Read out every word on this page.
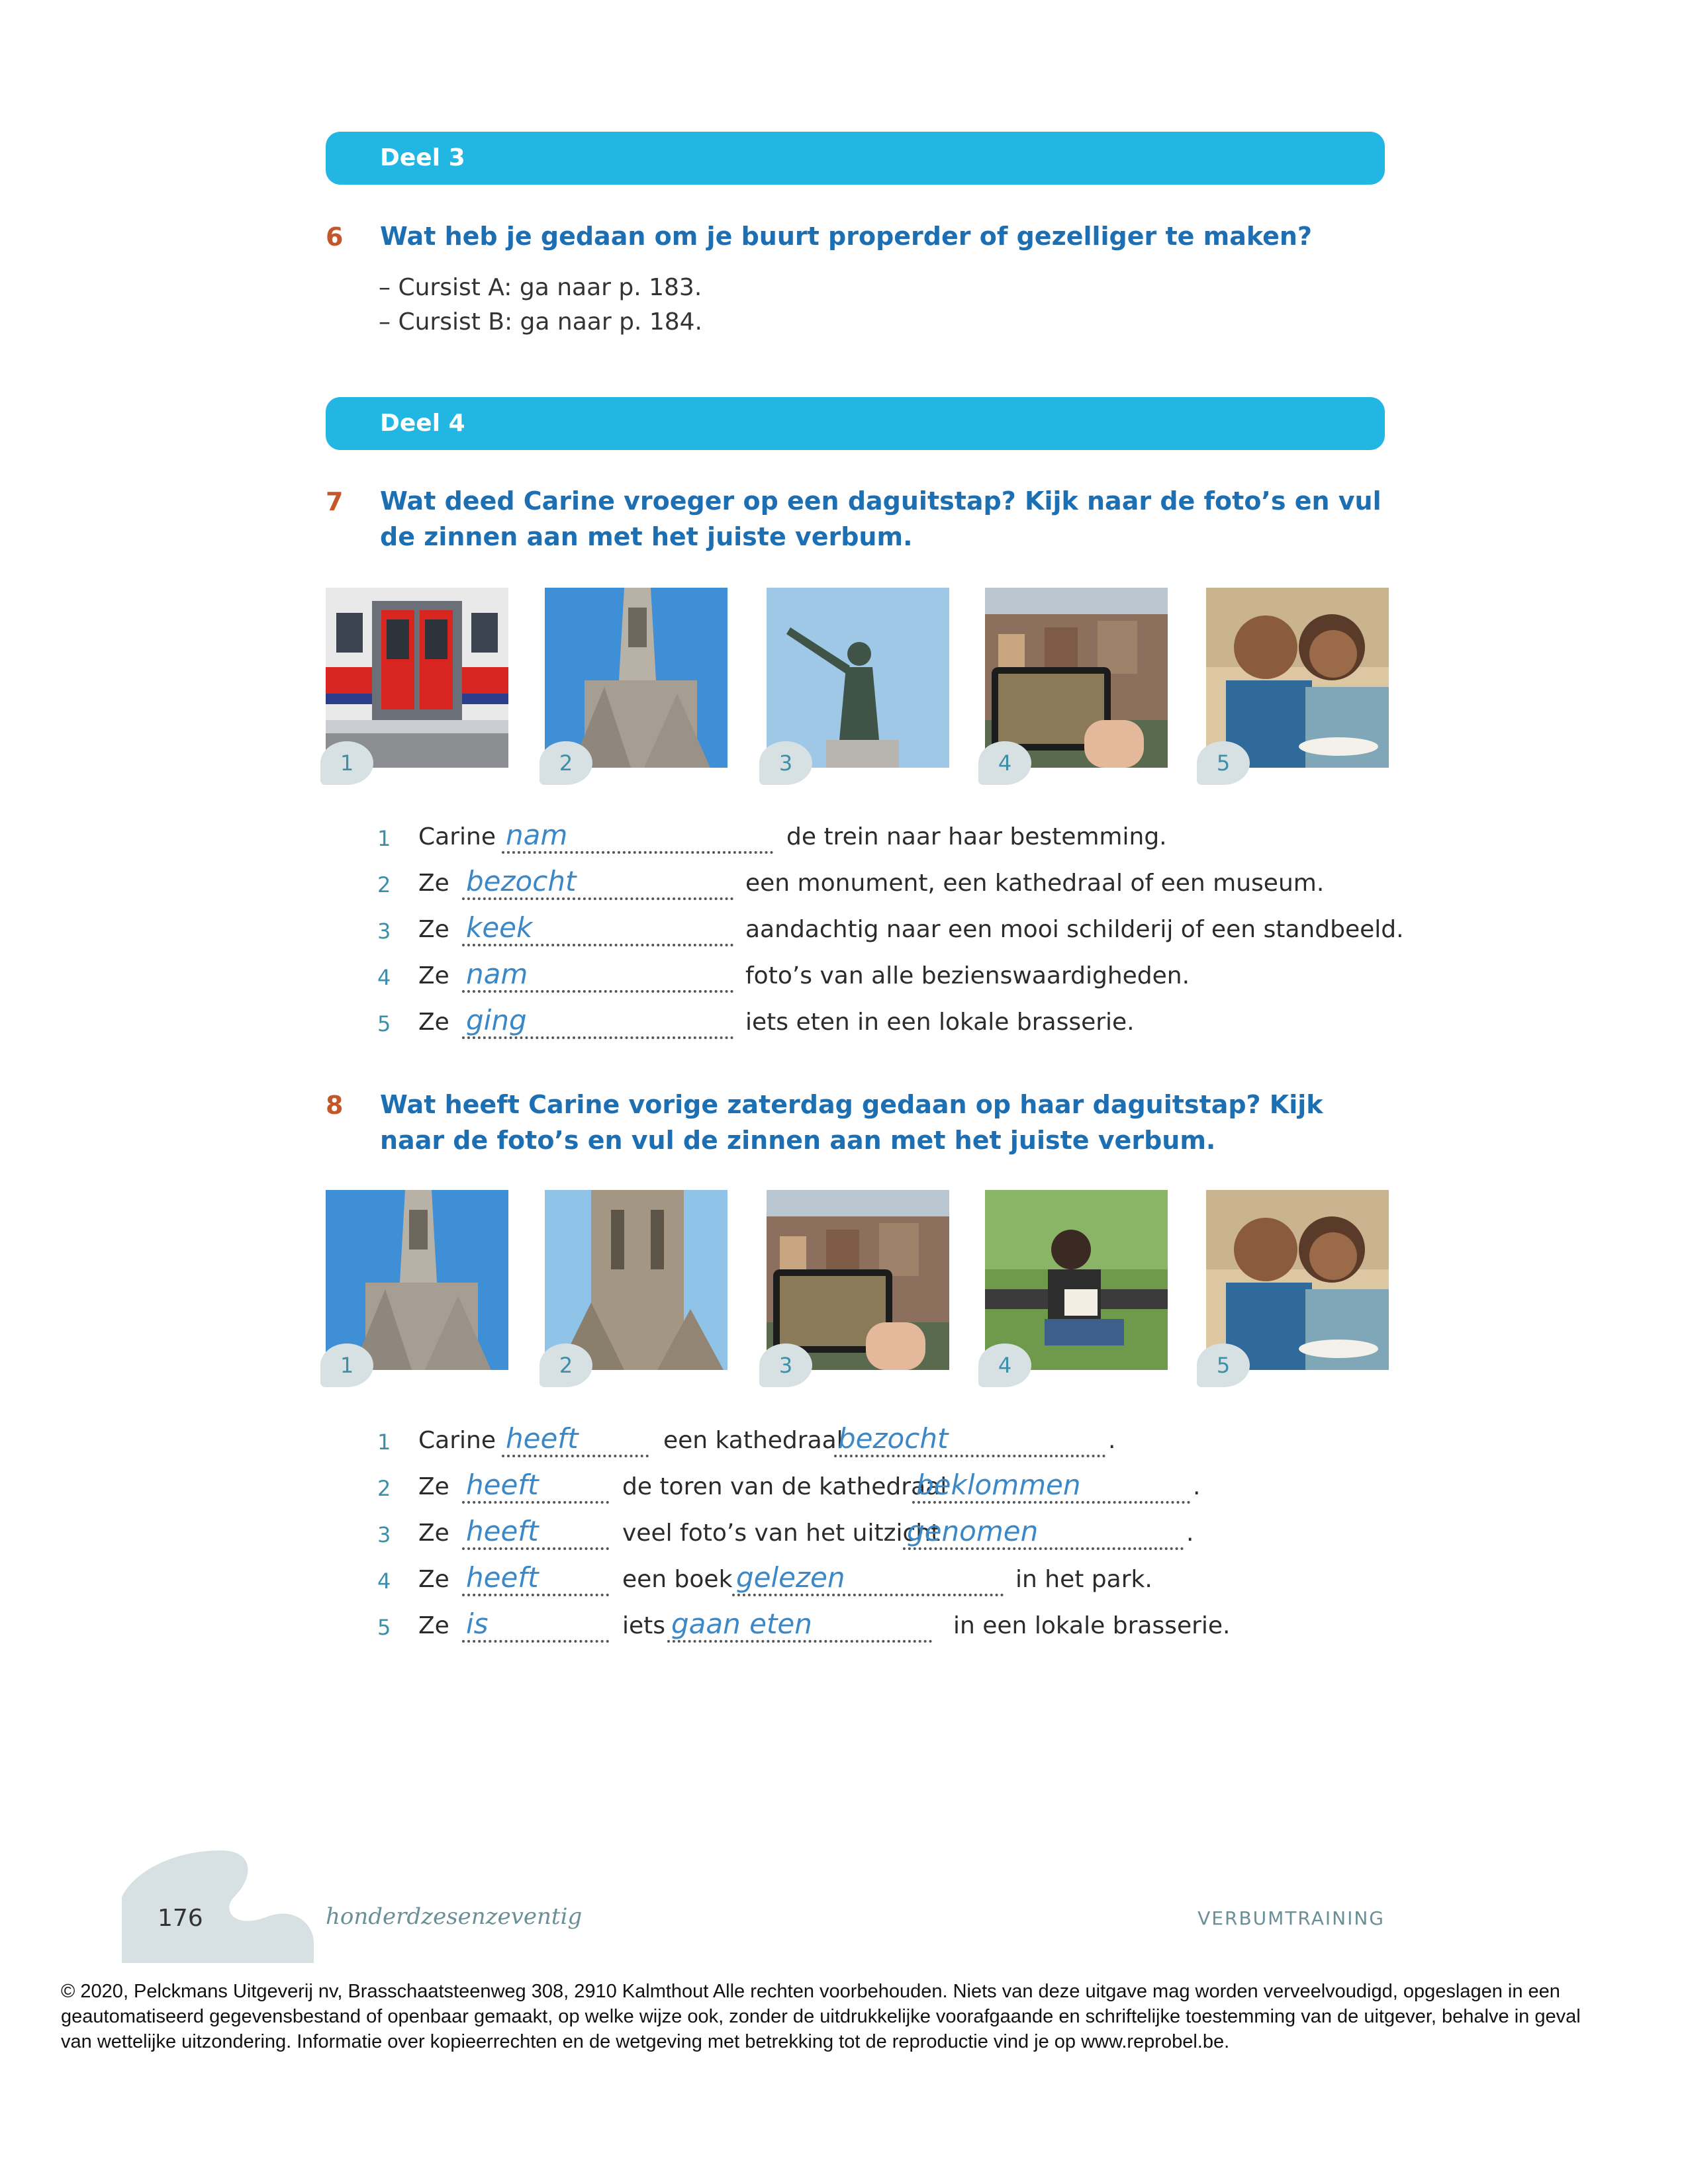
Deel 3
6 Wat heb je gedaan om je buurt properder of gezelliger te maken?
– Cursist A: ga naar p. 183.
– Cursist B: ga naar p. 184.
Deel 4
7 Wat deed Carine vroeger op een daguitstap? Kijk naar de foto’s en vul de zinnen aan met het juiste verbum.
1	2	3	4	5
1 Carine nam	de trein naar haar bestemming.
2 Ze bezocht	een monument, een kathedraal of een museum.
3 Ze keek	aandachtig naar een mooi schilderij of een standbeeld.
4 Ze nam	foto’s van alle bezienswaardigheden.
5 Ze ging	iets eten in een lokale brasserie.
8 Wat heeft Carine vorige zaterdag gedaan op haar daguitstap? Kijk naar de foto’s en vul de zinnen aan met het juiste verbum.
1	2	3	4	5
1 Carine heeft	een kathedraal
bezocht	.
2 Ze heeft	de toren van de kathedraal
beklommen	.
3 Ze heeft	veel foto’s van het uitzicht
genomen	.
4 Ze heeft	een boek gelezen	in het park.
5 Ze is	iets gaan eten	in een lokale brasserie.
176	honderdzesenzeventig	VERBUMTRAINING
© 2020, Pelckmans Uitgeverij nv, Brasschaatsteenweg 308, 2910 Kalmthout Alle rechten voorbehouden. Niets van deze uitgave mag worden verveelvoudigd, opgeslagen in een geautomatiseerd gegevensbestand of openbaar gemaakt, op welke wijze ook, zonder de uitdrukkelijke voorafgaande en schriftelijke toestemming van de uitgever, behalve in geval van wettelijke uitzondering. Informatie over kopieerrechten en de wetgeving met betrekking tot de reproductie vind je op www.reprobel.be.
